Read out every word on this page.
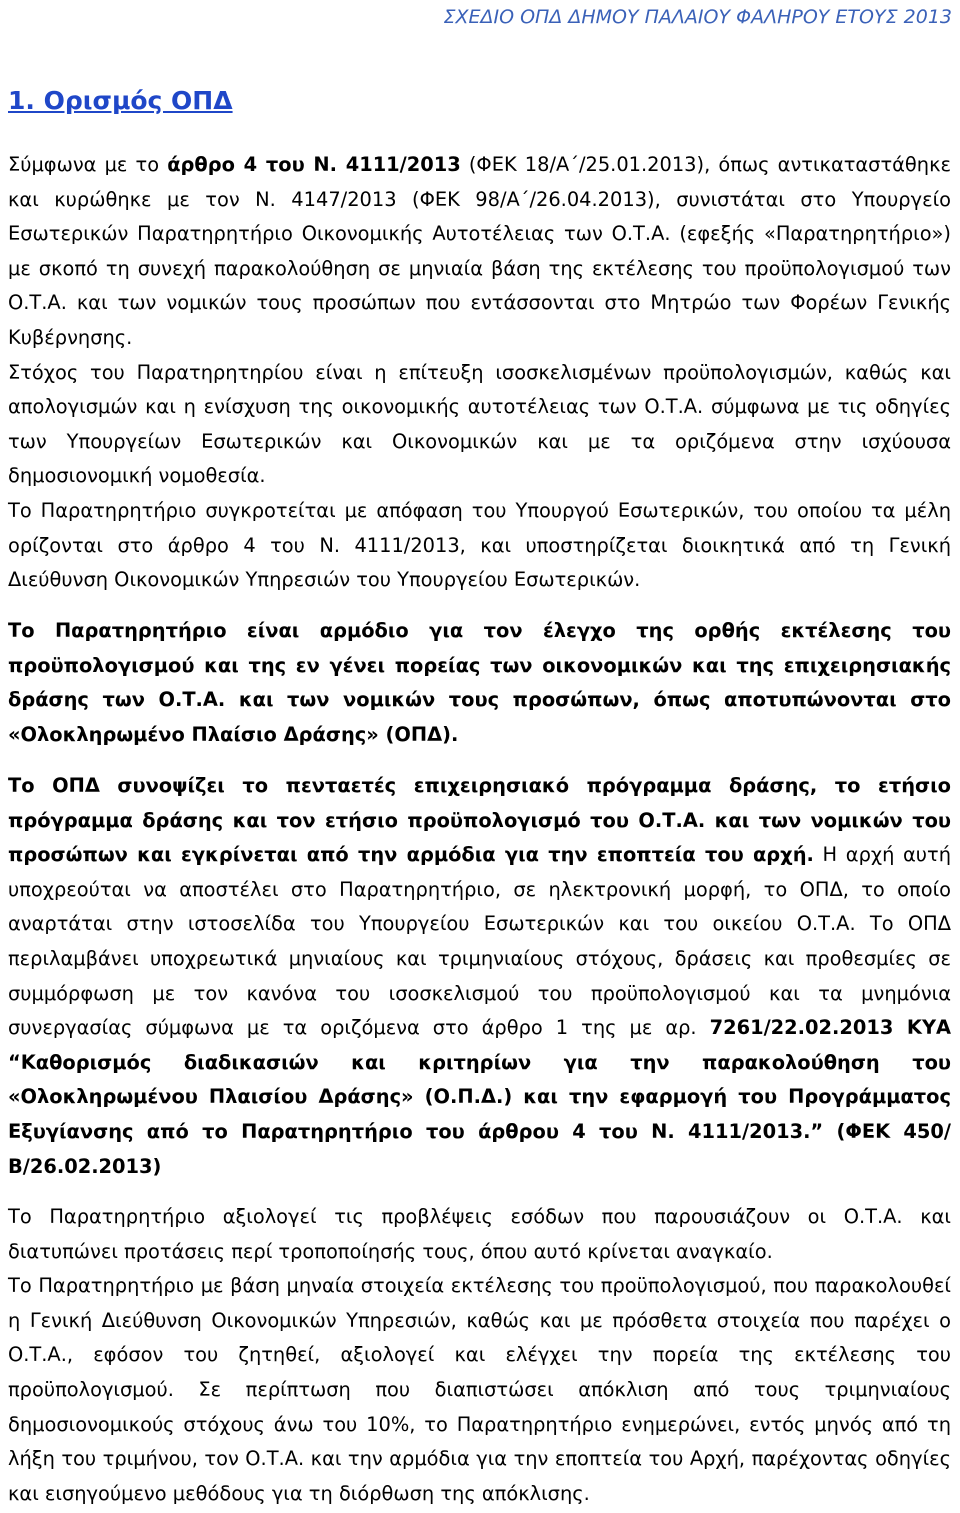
ΣΧΕΔΙΟ ΟΠΔ ΔΗΜΟΥ ΠΑΛΑΙΟΥ ΦΑΛΗΡΟΥ ΕΤΟΥΣ 2013
1. Ορισμός ΟΠΔ

Σύμφωνα με το άρθρο 4 του Ν. 4111/2013 (ΦΕΚ 18/Α΄/25.01.2013), όπως αντικαταστάθηκε και κυρώθηκε με τον Ν. 4147/2013 (ΦΕΚ 98/Α΄/26.04.2013), συνιστάται στο Υπουργείο Εσωτερικών Παρατηρητήριο Οικονομικής Αυτοτέλειας των Ο.Τ.Α. (εφεξής «Παρατηρητήριο») με σκοπό τη συνεχή παρακολούθηση σε μηνιαία βάση της εκτέλεσης του προϋπολογισμού των Ο.Τ.Α. και των νομικών τους προσώπων που εντάσσονται στο Μητρώο των Φορέων Γενικής Κυβέρνησης.

Στόχος του Παρατηρητηρίου είναι η επίτευξη ισοσκελισμένων προϋπολογισμών, καθώς και απολογισμών και η ενίσχυση της οικονομικής αυτοτέλειας των Ο.Τ.Α. σύμφωνα με τις οδηγίες των Υπουργείων Εσωτερικών και Οικονομικών και με τα οριζόμενα στην ισχύουσα δημοσιονομική νομοθεσία.

Το Παρατηρητήριο συγκροτείται με απόφαση του Υπουργού Εσωτερικών, του οποίου τα μέλη ορίζονται στο άρθρο 4 του Ν. 4111/2013, και υποστηρίζεται διοικητικά από τη Γενική Διεύθυνση Οικονομικών Υπηρεσιών του Υπουργείου Εσωτερικών.

Το Παρατηρητήριο είναι αρμόδιο για τον έλεγχο της ορθής εκτέλεσης του προϋπολογισμού και της εν γένει πορείας των οικονομικών και της επιχειρησιακής δράσης των Ο.Τ.Α. και των νομικών τους προσώπων, όπως αποτυπώνονται στο «Ολοκληρωμένο Πλαίσιο Δράσης» (ΟΠΔ).

Το ΟΠΔ συνοψίζει το πενταετές επιχειρησιακό πρόγραμμα δράσης, το ετήσιο πρόγραμμα δράσης και τον ετήσιο προϋπολογισμό του Ο.Τ.Α. και των νομικών του προσώπων και εγκρίνεται από την αρμόδια για την εποπτεία του αρχή. Η αρχή αυτή υποχρεούται να αποστέλει στο Παρατηρητήριο, σε ηλεκτρονική μορφή, το ΟΠΔ, το οποίο αναρτάται στην ιστοσελίδα του Υπουργείου Εσωτερικών και του οικείου Ο.Τ.Α. Το ΟΠΔ περιλαμβάνει υποχρεωτικά μηνιαίους και τριμηνιαίους στόχους, δράσεις και προθεσμίες σε συμμόρφωση με τον κανόνα του ισοσκελισμού του προϋπολογισμού και τα μνημόνια συνεργασίας σύμφωνα με τα οριζόμενα στο άρθρο 1 της με αρ. 7261/22.02.2013 ΚΥΑ “Καθορισμός διαδικασιών και κριτηρίων για την παρακολούθηση του «Ολοκληρωμένου Πλαισίου Δράσης» (Ο.Π.Δ.) και την εφαρμογή του Προγράμματος Εξυγίανσης από το Παρατηρητήριο του άρθρου 4 του Ν. 4111/2013.” (ΦΕΚ 450/Β/26.02.2013)

Το Παρατηρητήριο αξιολογεί τις προβλέψεις εσόδων που παρουσιάζουν οι Ο.Τ.Α. και διατυπώνει προτάσεις περί τροποποίησής τους, όπου αυτό κρίνεται αναγκαίο.

Το Παρατηρητήριο με βάση μηναία στοιχεία εκτέλεσης του προϋπολογισμού, που παρακολουθεί η Γενική Διεύθυνση Οικονομικών Υπηρεσιών, καθώς και με πρόσθετα στοιχεία που παρέχει ο Ο.Τ.Α., εφόσον του ζητηθεί, αξιολογεί και ελέγχει την πορεία της εκτέλεσης του προϋπολογισμού. Σε περίπτωση που διαπιστώσει απόκλιση από τους τριμηνιαίους δημοσιονομικούς στόχους άνω του 10%, το Παρατηρητήριο ενημερώνει, εντός μηνός από τη λήξη του τριμήνου, τον Ο.Τ.Α. και την αρμόδια για την εποπτεία του Αρχή, παρέχοντας οδηγίες και εισηγούμενο μεθόδους για τη διόρθωση της απόκλισης.
